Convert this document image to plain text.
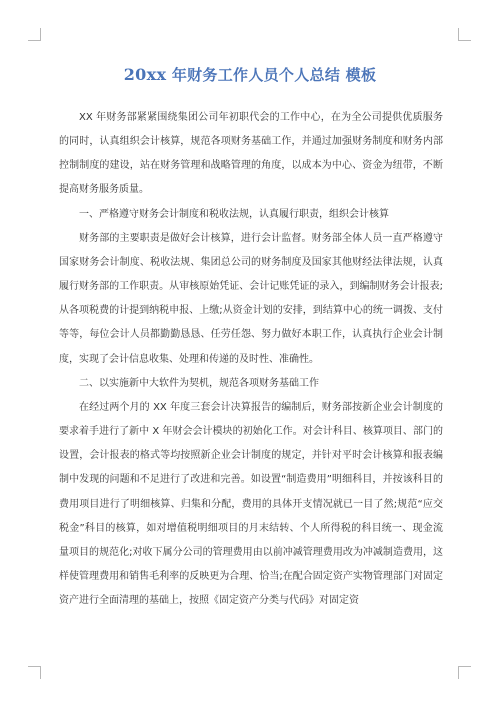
20xx 年财务工作人员个人总结 模板

XX 年财务部紧紧围绕集团公司年初职代会的工作中心，在为全公司提供优质服务的同时，认真组织会计核算，规范各项财务基础工作，并通过加强财务制度和财务内部控制制度的建设，站在财务管理和战略管理的角度，以成本为中心、资金为纽带，不断提高财务服务质量。

一、严格遵守财务会计制度和税收法规，认真履行职责，组织会计核算

财务部的主要职责是做好会计核算，进行会计监督。财务部全体人员一直严格遵守国家财务会计制度、税收法规、集团总公司的财务制度及国家其他财经法律法规，认真履行财务部的工作职责。从审核原始凭证、会计记账凭证的录入，到编制财务会计报表;从各项税费的计提到纳税申报、上缴;从资金计划的安排，到结算中心的统一调拨、支付等等，每位会计人员都勤勤恳恳、任劳任怨、努力做好本职工作，认真执行企业会计制度，实现了会计信息收集、处理和传递的及时性、准确性。

二、以实施新中大软件为契机，规范各项财务基础工作

在经过两个月的 XX 年度三套会计决算报告的编制后，财务部按新企业会计制度的要求着手进行了新中 X 年财会会计模块的初始化工作。对会计科目、核算项目、部门的设置，会计报表的格式等均按照新企业会计制度的规定，并针对平时会计核算和报表编制中发现的问题和不足进行了改进和完善。如设置“制造费用”明细科目，并按该科目的费用项目进行了明细核算、归集和分配，费用的具体开支情况就已一目了然;规范“应交税金”科目的核算，如对增值税明细项目的月末结转、个人所得税的科目统一、现金流量项目的规范化;对收下属分公司的管理费用由以前冲减管理费用改为冲减制造费用，这样使管理费用和销售毛利率的反映更为合理、恰当;在配合固定资产实物管理部门对固定资产进行全面清理的基础上，按照《固定资产分类与代码》对固定资
